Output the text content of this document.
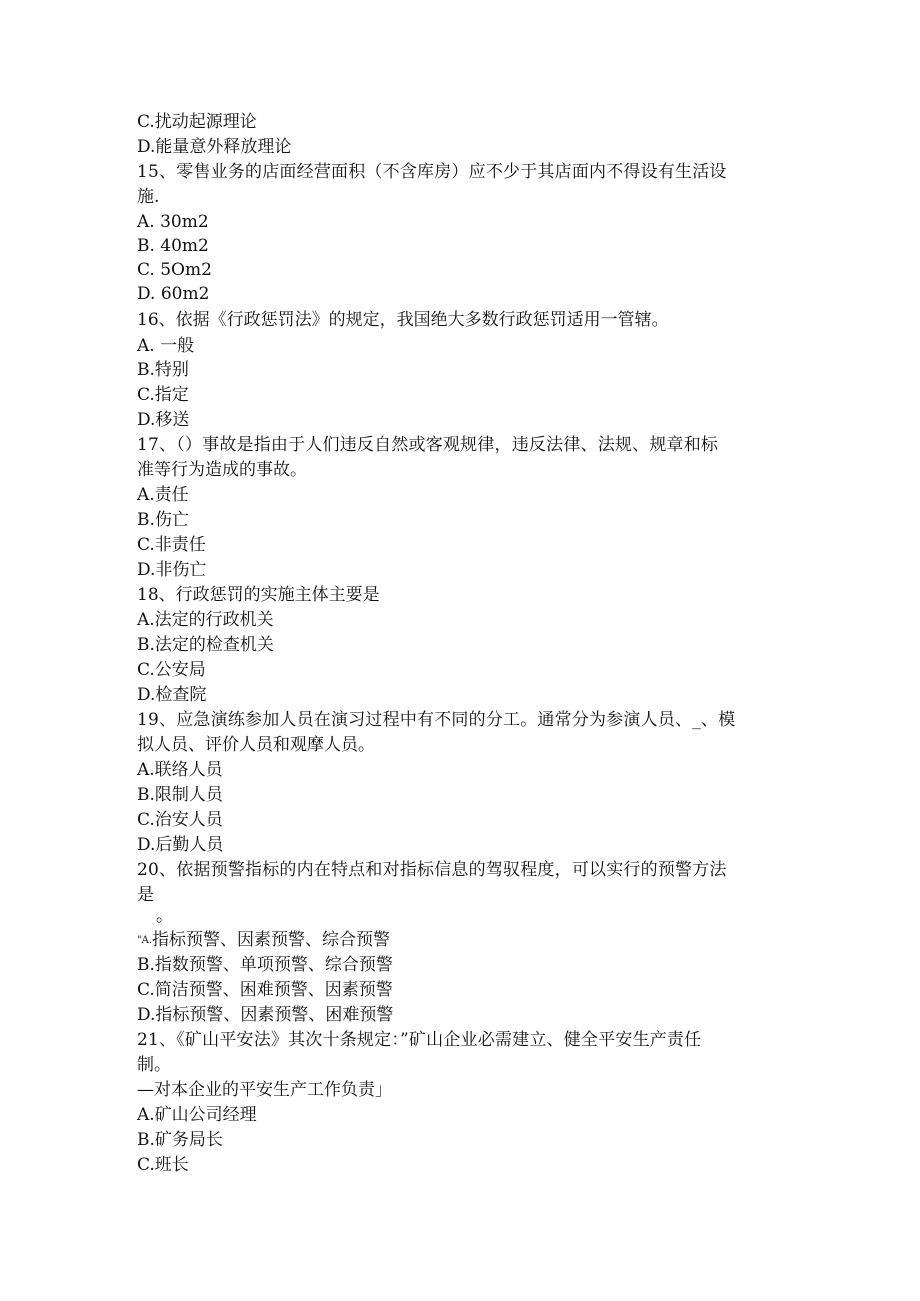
C.扰动起源理论
D.能量意外释放理论
15、零售业务的店面经营面积（不含库房）应不少于其店面内不得设有生活设
施.
A. 30m2
B. 40m2
C. 5Om2
D. 60m2
16、依据《行政惩罚法》的规定，我国绝大多数行政惩罚适用一管辖。
A. 一般
B.特别
C.指定
D.移送
17、（）事故是指由于人们违反自然或客观规律，违反法律、法规、规章和标
准等行为造成的事故。
A.责任
B.伤亡
C.非责任
D.非伤亡
18、行政惩罚的实施主体主要是
A.法定的行政机关
B.法定的检查机关
C.公安局
D.检查院
19、应急演练参加人员在演习过程中有不同的分工。通常分为参演人员、_、模
拟人员、评价人员和观摩人员。
A.联络人员
B.限制人员
C.治安人员
D.后勤人员
20、依据预警指标的内在特点和对指标信息的驾驭程度，可以实行的预警方法
是
。
"A.指标预警、因素预警、综合预警
B.指数预警、单项预警、综合预警
C.简洁预警、困难预警、因素预警
D.指标预警、因素预警、困难预警
21、《矿山平安法》其次十条规定：”矿山企业必需建立、健全平安生产责任
制。
—对本企业的平安生产工作负责」
A.矿山公司经理
B.矿务局长
C.班长
